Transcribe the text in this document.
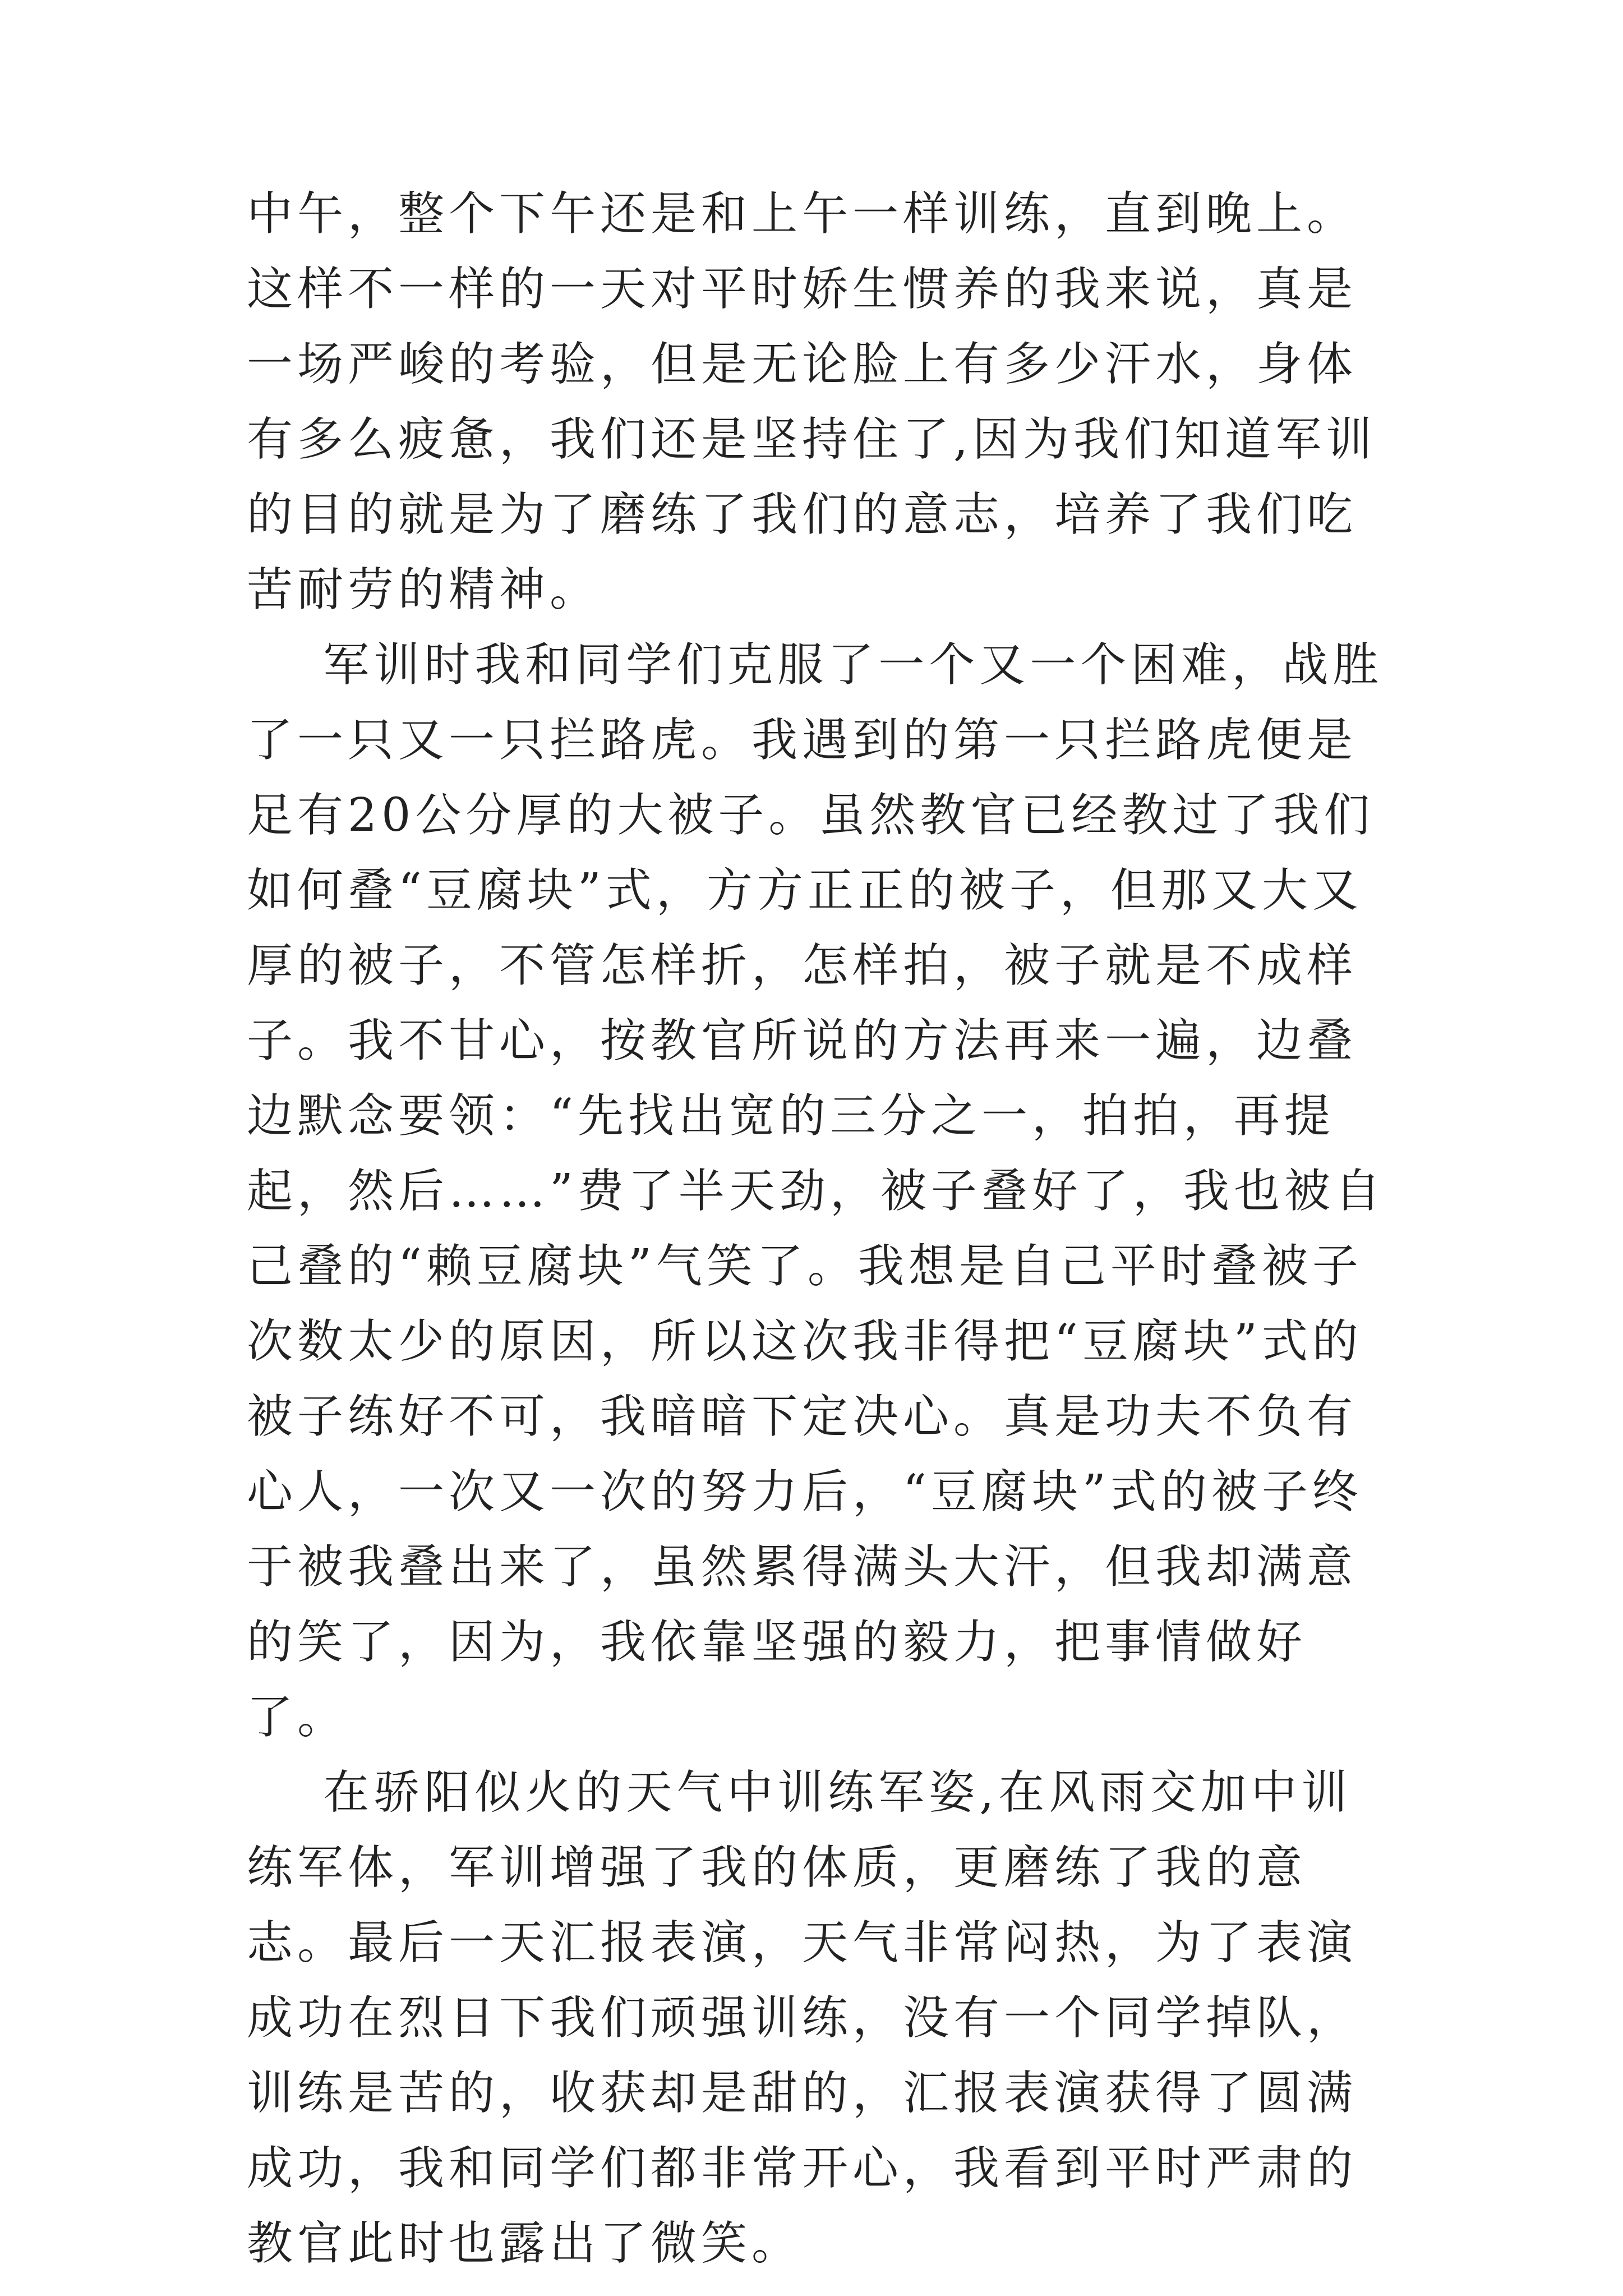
中午，整个下午还是和上午一样训练，直到晚上。这样不一样的一天对平时娇生惯养的我来说，真是一场严峻的考验，但是无论脸上有多少汗水，身体有多么疲惫，我们还是坚持住了,因为我们知道军训的目的就是为了磨练了我们的意志，培养了我们吃苦耐劳的精神。

军训时我和同学们克服了一个又一个困难，战胜了一只又一只拦路虎。我遇到的第一只拦路虎便是足有20公分厚的大被子。虽然教官已经教过了我们如何叠“豆腐块”式，方方正正的被子，但那又大又厚的被子，不管怎样折，怎样拍，被子就是不成样子。我不甘心，按教官所说的方法再来一遍，边叠边默念要领：“先找出宽的三分之一，拍拍，再提起，然后……”费了半天劲，被子叠好了，我也被自己叠的“赖豆腐块”气笑了。我想是自己平时叠被子次数太少的原因，所以这次我非得把“豆腐块”式的被子练好不可，我暗暗下定决心。真是功夫不负有心人，一次又一次的努力后，“豆腐块”式的被子终于被我叠出来了，虽然累得满头大汗，但我却满意的笑了，因为，我依靠坚强的毅力，把事情做好了。

在骄阳似火的天气中训练军姿,在风雨交加中训练军体，军训增强了我的体质，更磨练了我的意志。最后一天汇报表演，天气非常闷热，为了表演成功在烈日下我们顽强训练，没有一个同学掉队，训练是苦的，收获却是甜的，汇报表演获得了圆满成功，我和同学们都非常开心，我看到平时严肃的教官此时也露出了微笑。
